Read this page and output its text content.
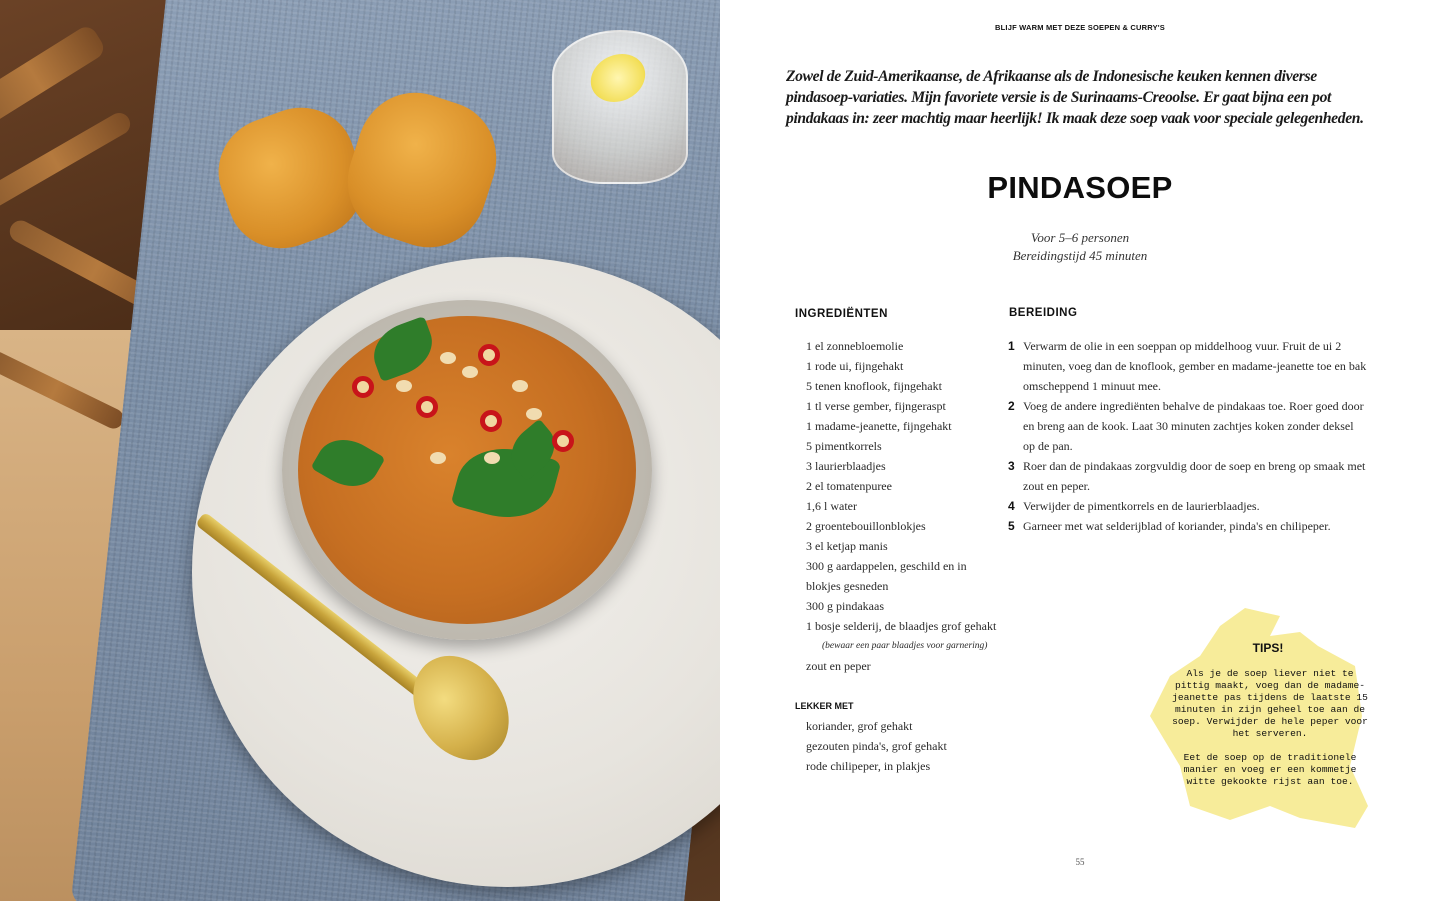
BLIJF WARM MET DEZE SOEPEN & CURRY'S
Zowel de Zuid-Amerikaanse, de Afrikaanse als de Indonesische keuken kennen diverse pindasoep-variaties. Mijn favoriete versie is de Surinaams-Creoolse. Er gaat bijna een pot pindakaas in: zeer machtig maar heerlijk! Ik maak deze soep vaak voor speciale gelegenheden.
PINDASOEP
Voor 5–6 personen
Bereidingstijd 45 minuten
INGREDIËNTEN	BEREIDING
1 el zonnebloemolie
1 rode ui, fijngehakt
5 tenen knoflook, fijngehakt
1 tl verse gember, fijngeraspt
1 madame-jeanette, fijngehakt
5 pimentkorrels
3 laurierblaadjes
2 el tomatenpuree
1,6 l water
2 groentebouillonblokjes
3 el ketjap manis
300 g aardappelen, geschild en in
blokjes gesneden
300 g pindakaas
1 bosje selderij, de blaadjes grof gehakt
(bewaar een paar blaadjes voor garnering)
zout en peper
LEKKER MET
koriander, grof gehakt
gezouten pinda's, grof gehakt
rode chilipeper, in plakjes
1 Verwarm de olie in een soeppan op middelhoog vuur. Fruit de ui 2 minuten, voeg dan de knoflook, gember en madame-jeanette toe en bak omscheppend 1 minuut mee.
2 Voeg de andere ingrediënten behalve de pindakaas toe. Roer goed door en breng aan de kook. Laat 30 minuten zachtjes koken zonder deksel op de pan.
3 Roer dan de pindakaas zorgvuldig door de soep en breng op smaak met zout en peper.
4 Verwijder de pimentkorrels en de laurierblaadjes.
5 Garneer met wat selderijblad of koriander, pinda's en chilipeper.
TIPS!

Als je de soep liever niet te pittig maakt, voeg dan de madame-jeanette pas tijdens de laatste 15 minuten in zijn geheel toe aan de soep. Verwijder de hele peper voor het serveren.

Eet de soep op de traditionele manier en voeg er een kommetje witte gekookte rijst aan toe.

55
